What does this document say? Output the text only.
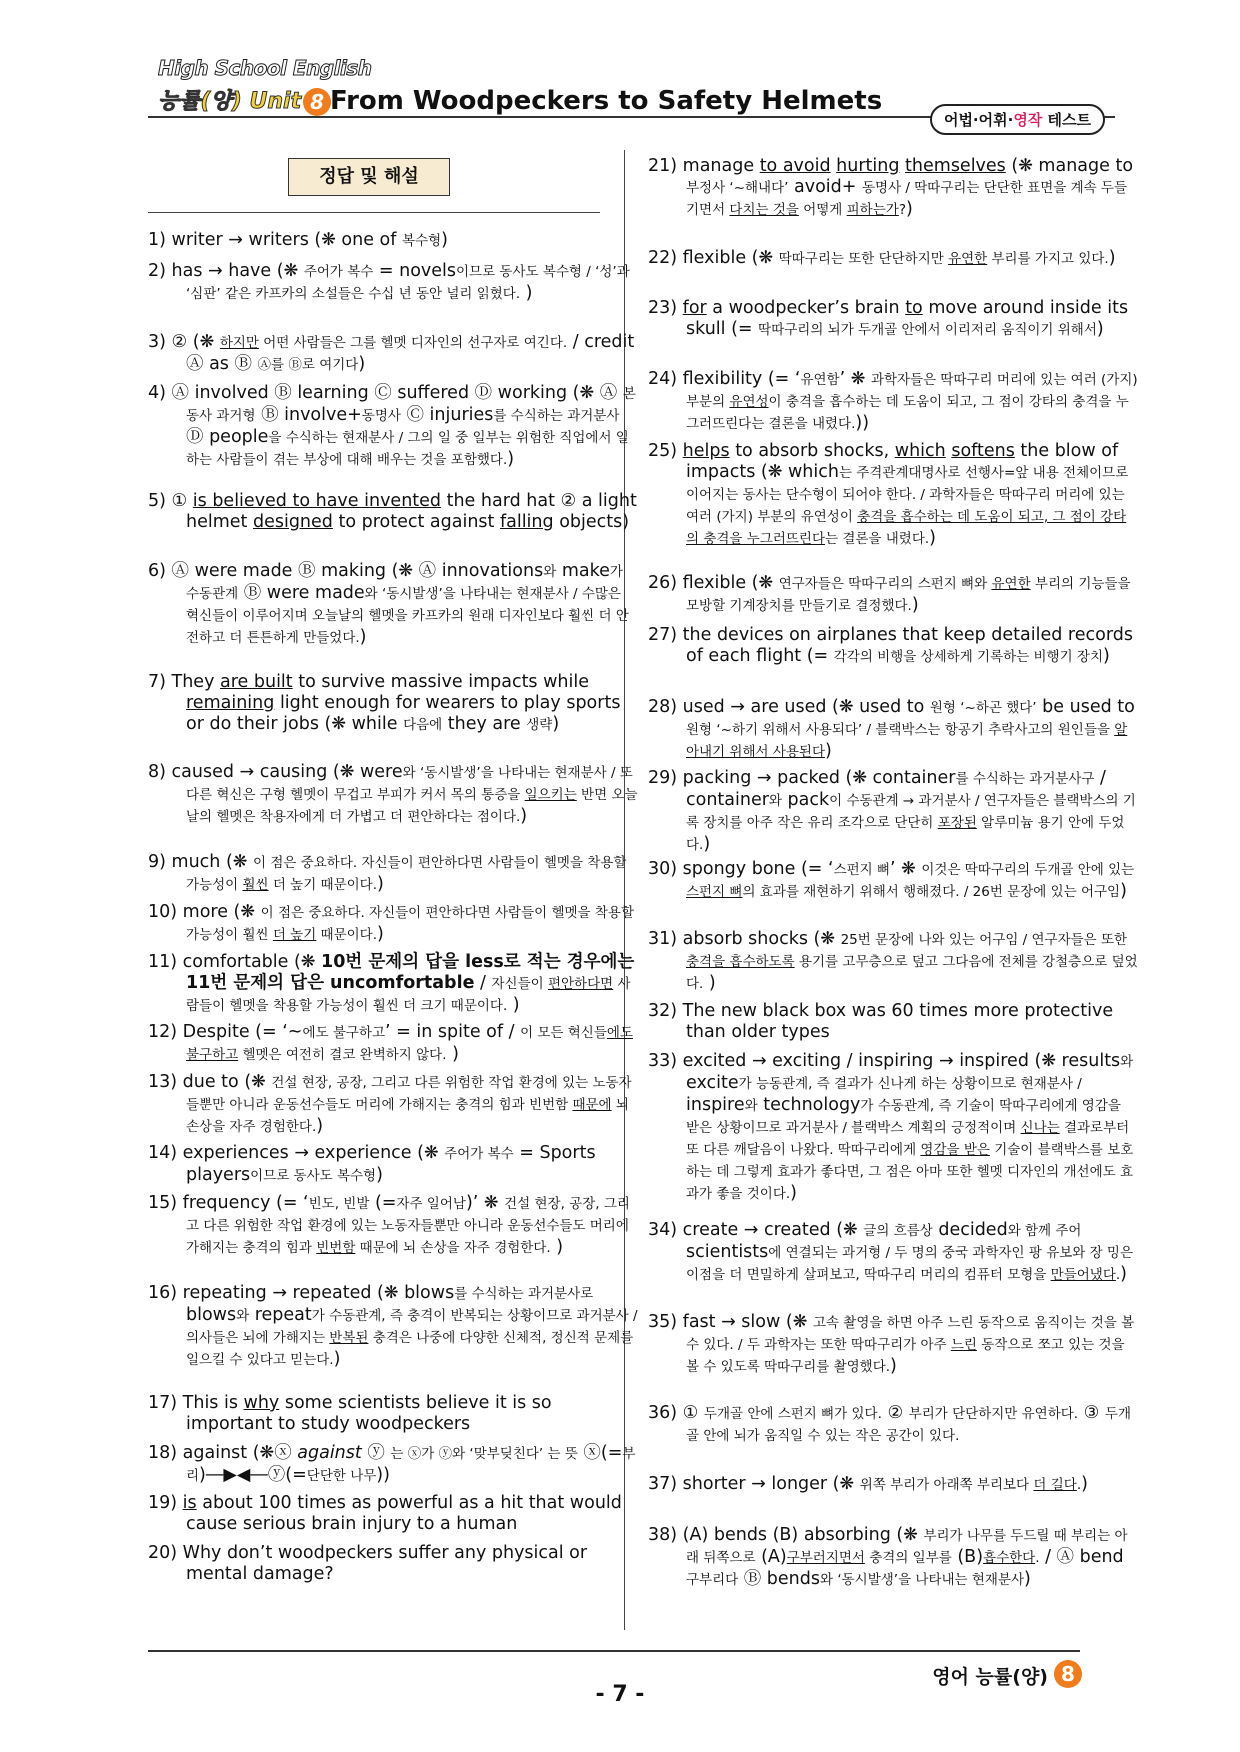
High School English
능률(양) Unit 8 From Woodpeckers to Safety Helmets
어법·어휘·영작 테스트
정답 및 해설
1) writer → writers (❋ one of 복수형)
2) has → have (❋ 주어가 복수 = novels이므로 동사도 복수형 / ‘성’과 ‘심판’ 같은 카프카의 소설들은 수십 년 동안 널리 읽혔다. )
3) ② (❋ 하지만 어떤 사람들은 그를 헬멧 디자인의 선구자로 여긴다. / credit Ⓐ as Ⓑ Ⓐ를 Ⓑ로 여기다)
4) Ⓐ involved Ⓑ learning Ⓒ suffered Ⓓ working (❋ Ⓐ 본동사 과거형 Ⓑ involve+동명사 Ⓒ injuries를 수식하는 과거분사 Ⓓ people을 수식하는 현재분사 / 그의 일 중 일부는 위험한 직업에서 일하는 사람들이 겪는 부상에 대해 배우는 것을 포함했다.)
5) ① is believed to have invented the hard hat ② a light helmet designed to protect against falling objects)
6) Ⓐ were made Ⓑ making (❋ Ⓐ innovations와 make가 수동관계 Ⓑ were made와 ‘동시발생’을 나타내는 현재분사 / 수많은 혁신들이 이루어지며 오늘날의 헬멧을 카프카의 원래 디자인보다 훨씬 더 안전하고 더 튼튼하게 만들었다.)
7) They are built to survive massive impacts while remaining light enough for wearers to play sports or do their jobs (❋ while 다음에 they are 생략)
8) caused → causing (❋ were와 ‘동시발생’을 나타내는 현재분사 / 또 다른 혁신은 구형 헬멧이 무겁고 부피가 커서 목의 통증을 일으키는 반면 오늘날의 헬멧은 착용자에게 더 가볍고 더 편안하다는 점이다.)
9) much (❋ 이 점은 중요하다. 자신들이 편안하다면 사람들이 헬멧을 착용할 가능성이 훨씬 더 높기 때문이다.)
10) more (❋ 이 점은 중요하다. 자신들이 편안하다면 사람들이 헬멧을 착용할 가능성이 훨씬 더 높기 때문이다.)
11) comfortable (❋ 10번 문제의 답을 less로 적는 경우에는 11번 문제의 답은 uncomfortable / 자신들이 편안하다면 사람들이 헬멧을 착용할 가능성이 훨씬 더 크기 때문이다. )
12) Despite (= ‘~에도 불구하고’ = in spite of / 이 모든 혁신들에도 불구하고 헬멧은 여전히 결코 완벽하지 않다. )
13) due to (❋ 건설 현장, 공장, 그리고 다른 위험한 작업 환경에 있는 노동자들뿐만 아니라 운동선수들도 머리에 가해지는 충격의 힘과 빈번함 때문에 뇌 손상을 자주 경험한다.)
14) experiences → experience (❋ 주어가 복수 = Sports players이므로 동사도 복수형)
15) frequency (= ‘빈도, 빈발 (=자주 일어남)’ ❋ 건설 현장, 공장, 그리고 다른 위험한 작업 환경에 있는 노동자들뿐만 아니라 운동선수들도 머리에 가해지는 충격의 힘과 빈번함 때문에 뇌 손상을 자주 경험한다. )
16) repeating → repeated (❋ blows를 수식하는 과거분사로 blows와 repeat가 수동관계, 즉 충격이 반복되는 상황이므로 과거분사 / 의사들은 뇌에 가해지는 반복된 충격은 나중에 다양한 신체적, 정신적 문제를 일으킬 수 있다고 믿는다.)
17) This is why some scientists believe it is so important to study woodpeckers
18) against (❋ⓧ against ⓨ 는 ⓧ가 ⓨ와 ‘맞부딪친다’ 는 뜻 ⓧ(=부리)―▶◀―ⓨ(=단단한 나무))
19) is about 100 times as powerful as a hit that would cause serious brain injury to a human
20) Why don’t woodpeckers suffer any physical or mental damage?
21) manage to avoid hurting themselves (❋ manage to 부정사 ‘~해내다’ avoid+ 동명사 / 딱따구리는 단단한 표면을 계속 두들기면서 다치는 것을 어떻게 피하는가?)
22) flexible (❋ 딱따구리는 또한 단단하지만 유연한 부리를 가지고 있다.)
23) for a woodpecker’s brain to move around inside its skull (= 딱따구리의 뇌가 두개골 안에서 이리저리 움직이기 위해서)
24) flexibility (= ‘유연함’ ❋ 과학자들은 딱따구리 머리에 있는 여러 (가지) 부분의 유연성이 충격을 흡수하는 데 도움이 되고, 그 점이 강타의 충격을 누그러뜨린다는 결론을 내렸다.))
25) helps to absorb shocks, which softens the blow of impacts (❋ which는 주격관계대명사로 선행사=앞 내용 전체이므로 이어지는 동사는 단수형이 되어야 한다. / 과학자들은 딱따구리 머리에 있는 여러 (가지) 부분의 유연성이 충격을 흡수하는 데 도움이 되고, 그 점이 강타의 충격을 누그러뜨린다는 결론을 내렸다.)
26) flexible (❋ 연구자들은 딱따구리의 스펀지 뼈와 유연한 부리의 기능들을 모방할 기계장치를 만들기로 결정했다.)
27) the devices on airplanes that keep detailed records of each flight (= 각각의 비행을 상세하게 기록하는 비행기 장치)
28) used → are used (❋ used to 원형 ‘~하곤 했다’ be used to 원형 ‘~하기 위해서 사용되다’ / 블랙박스는 항공기 추락사고의 원인들을 알아내기 위해서 사용된다)
29) packing → packed (❋ container를 수식하는 과거분사구 / container와 pack이 수동관계 → 과거분사 / 연구자들은 블랙박스의 기록 장치를 아주 작은 유리 조각으로 단단히 포장된 알루미늄 용기 안에 두었다.)
30) spongy bone (= ‘스펀지 뼈’ ❋ 이것은 딱따구리의 두개골 안에 있는 스펀지 뼈의 효과를 재현하기 위해서 행해졌다. / 26번 문장에 있는 어구임)
31) absorb shocks (❋ 25번 문장에 나와 있는 어구임 / 연구자들은 또한 충격을 흡수하도록 용기를 고무층으로 덮고 그다음에 전체를 강철층으로 덮었다. )
32) The new black box was 60 times more protective than older types
33) excited → exciting / inspiring → inspired (❋ results와 excite가 능동관계, 즉 결과가 신나게 하는 상황이므로 현재분사 / inspire와 technology가 수동관계, 즉 기술이 딱따구리에게 영감을 받은 상황이므로 과거분사 / 블랙박스 계획의 긍정적이며 신나는 결과로부터 또 다른 깨달음이 나왔다. 딱따구리에게 영감을 받은 기술이 블랙박스를 보호하는 데 그렇게 효과가 좋다면, 그 점은 아마 또한 헬멧 디자인의 개선에도 효과가 좋을 것이다.)
34) create → created (❋ 글의 흐름상 decided와 함께 주어 scientists에 연결되는 과거형 / 두 명의 중국 과학자인 팡 유보와 장 밍은 이점을 더 면밀하게 살펴보고, 딱따구리 머리의 컴퓨터 모형을 만들어냈다.)
35) fast → slow (❋ 고속 촬영을 하면 아주 느린 동작으로 움직이는 것을 볼 수 있다. / 두 과학자는 또한 딱따구리가 아주 느린 동작으로 쪼고 있는 것을 볼 수 있도록 딱따구리를 촬영했다.)
36) ① 두개골 안에 스펀지 뼈가 있다. ② 부리가 단단하지만 유연하다. ③ 두개골 안에 뇌가 움직일 수 있는 작은 공간이 있다.
37) shorter → longer (❋ 위쪽 부리가 아래쪽 부리보다 더 길다.)
38) (A) bends (B) absorbing (❋ 부리가 나무를 두드릴 때 부리는 아래 뒤쪽으로 (A)구부러지면서 충격의 일부를 (B)흡수한다. / Ⓐ bend 구부리다 Ⓑ bends와 ‘동시발생’을 나타내는 현재분사)
영어 능률(양) 8
- 7 -
